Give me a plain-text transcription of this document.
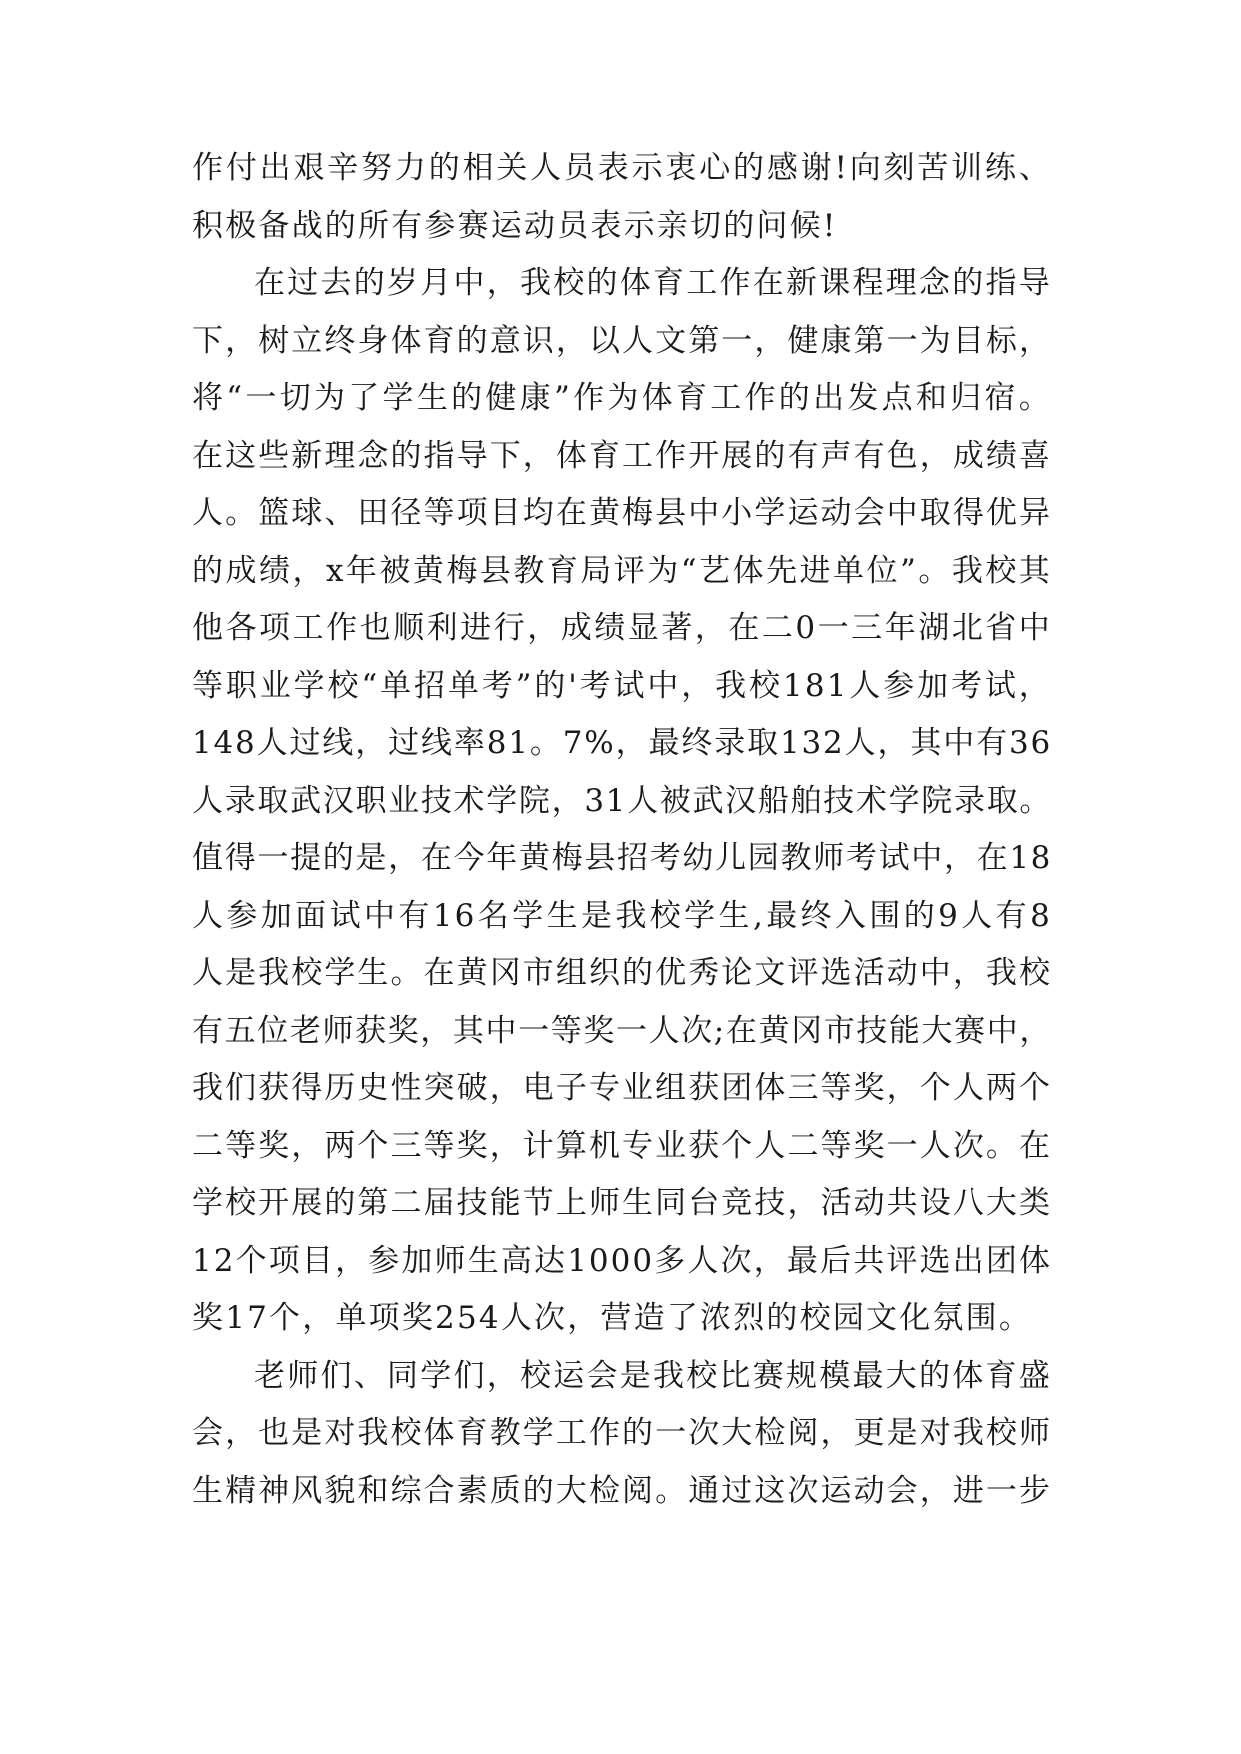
作付出艰辛努力的相关人员表示衷心的感谢!向刻苦训练、
积极备战的所有参赛运动员表示亲切的问候!
在过去的岁月中，我校的体育工作在新课程理念的指导
下，树立终身体育的意识，以人文第一，健康第一为目标，
将“一切为了学生的健康”作为体育工作的出发点和归宿。
在这些新理念的指导下，体育工作开展的有声有色，成绩喜
人。篮球、田径等项目均在黄梅县中小学运动会中取得优异
的成绩，x年被黄梅县教育局评为“艺体先进单位”。我校其
他各项工作也顺利进行，成绩显著，在二0一三年湖北省中
等职业学校“单招单考”的'考试中，我校181人参加考试，
148人过线，过线率81。7%，最终录取132人，其中有36
人录取武汉职业技术学院，31人被武汉船舶技术学院录取。
值得一提的是，在今年黄梅县招考幼儿园教师考试中，在18
人参加面试中有16名学生是我校学生,最终入围的9人有8
人是我校学生。在黄冈市组织的优秀论文评选活动中，我校
有五位老师获奖，其中一等奖一人次;在黄冈市技能大赛中，
我们获得历史性突破，电子专业组获团体三等奖，个人两个
二等奖，两个三等奖，计算机专业获个人二等奖一人次。在
学校开展的第二届技能节上师生同台竞技，活动共设八大类
12个项目，参加师生高达1000多人次，最后共评选出团体
奖17个，单项奖254人次，营造了浓烈的校园文化氛围。
老师们、同学们，校运会是我校比赛规模最大的体育盛
会，也是对我校体育教学工作的一次大检阅，更是对我校师
生精神风貌和综合素质的大检阅。通过这次运动会，进一步
